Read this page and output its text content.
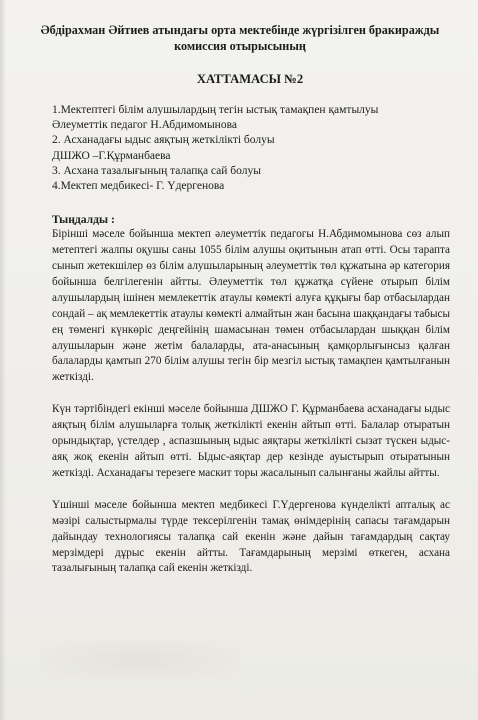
Әбдірахман Әйтиев атындағы орта мектебінде жүргізілген бракиражды
комиссия отырысының
ХАТТАМАСЫ №2
1.Мектептегі білім алушылардың тегін ыстық тамақпен қамтылуы
Әлеуметтік педагог Н.Абдимомынова
2. Асханадағы ыдыс аяқтың жеткілікті болуы
ДШЖО –Г.Құрманбаева
3. Асхана тазалығының талапқа сай болуы
4.Мектеп медбикесі- Г. Үдергенова
Тыңдалды :

Бірінші мәселе бойынша мектеп әлеуметтік педагогы Н.Абдимомынова сөз алып метептегі жалпы оқушы саны 1055 білім алушы оқитынын атап өтті. Осы тарапта сынып жетекшілер өз білім алушыларының әлеуметтік төл құжатына әр категория бойынша белгілегенін айтты. Әлеуметтік төл құжатқа сүйене отырып білім алушылардың ішінен мемлекеттік атаулы көмекті алуға құқығы бар отбасылардан сондай – ақ мемлекеттік атаулы көмекті алмайтын жан басына шаққандағы табысы ең төменгі күнкөріс деңгейінің шамасынан төмен отбасылардан шыққан білім алушыларын және жетім балаларды, ата-анасының қамқорлығынсыз қалған балаларды қамтып 270 білім алушы тегін бір мезгіл ыстық тамақпен қамтылғанын жеткізді.

Күн тәртібіндегі екінші мәселе бойынша ДШЖО Г. Құрманбаева асханадағы ыдыс аяқтың білім алушыларға толық жеткілікті екенін айтып өтті. Балалар отыратын орындықтар, үстелдер , аспазшының ыдыс аяқтары жеткілікті сызат түскен ыдыс-аяқ жоқ екенін айтып өтті. Ыдыс-аяқтар дер кезінде ауыстырып отыратынын жеткізді. Асханадағы терезеге маскит торы жасалынып салынғаны жайлы айтты.

Үшінші мәселе бойынша мектеп медбикесі Г.Үдергенова күнделікті апталық ас мәзірі салыстырмалы түрде тексерілгенін тамақ өнімдерінің сапасы тағамдарын дайындау технологиясы талапқа сай екенін және дайын тағамдардың сақтау мерзімдері дұрыс екенін айтты. Тағамдарының мерзімі өткеген, асхана тазалығының талапқа сай екенін жеткізді.
